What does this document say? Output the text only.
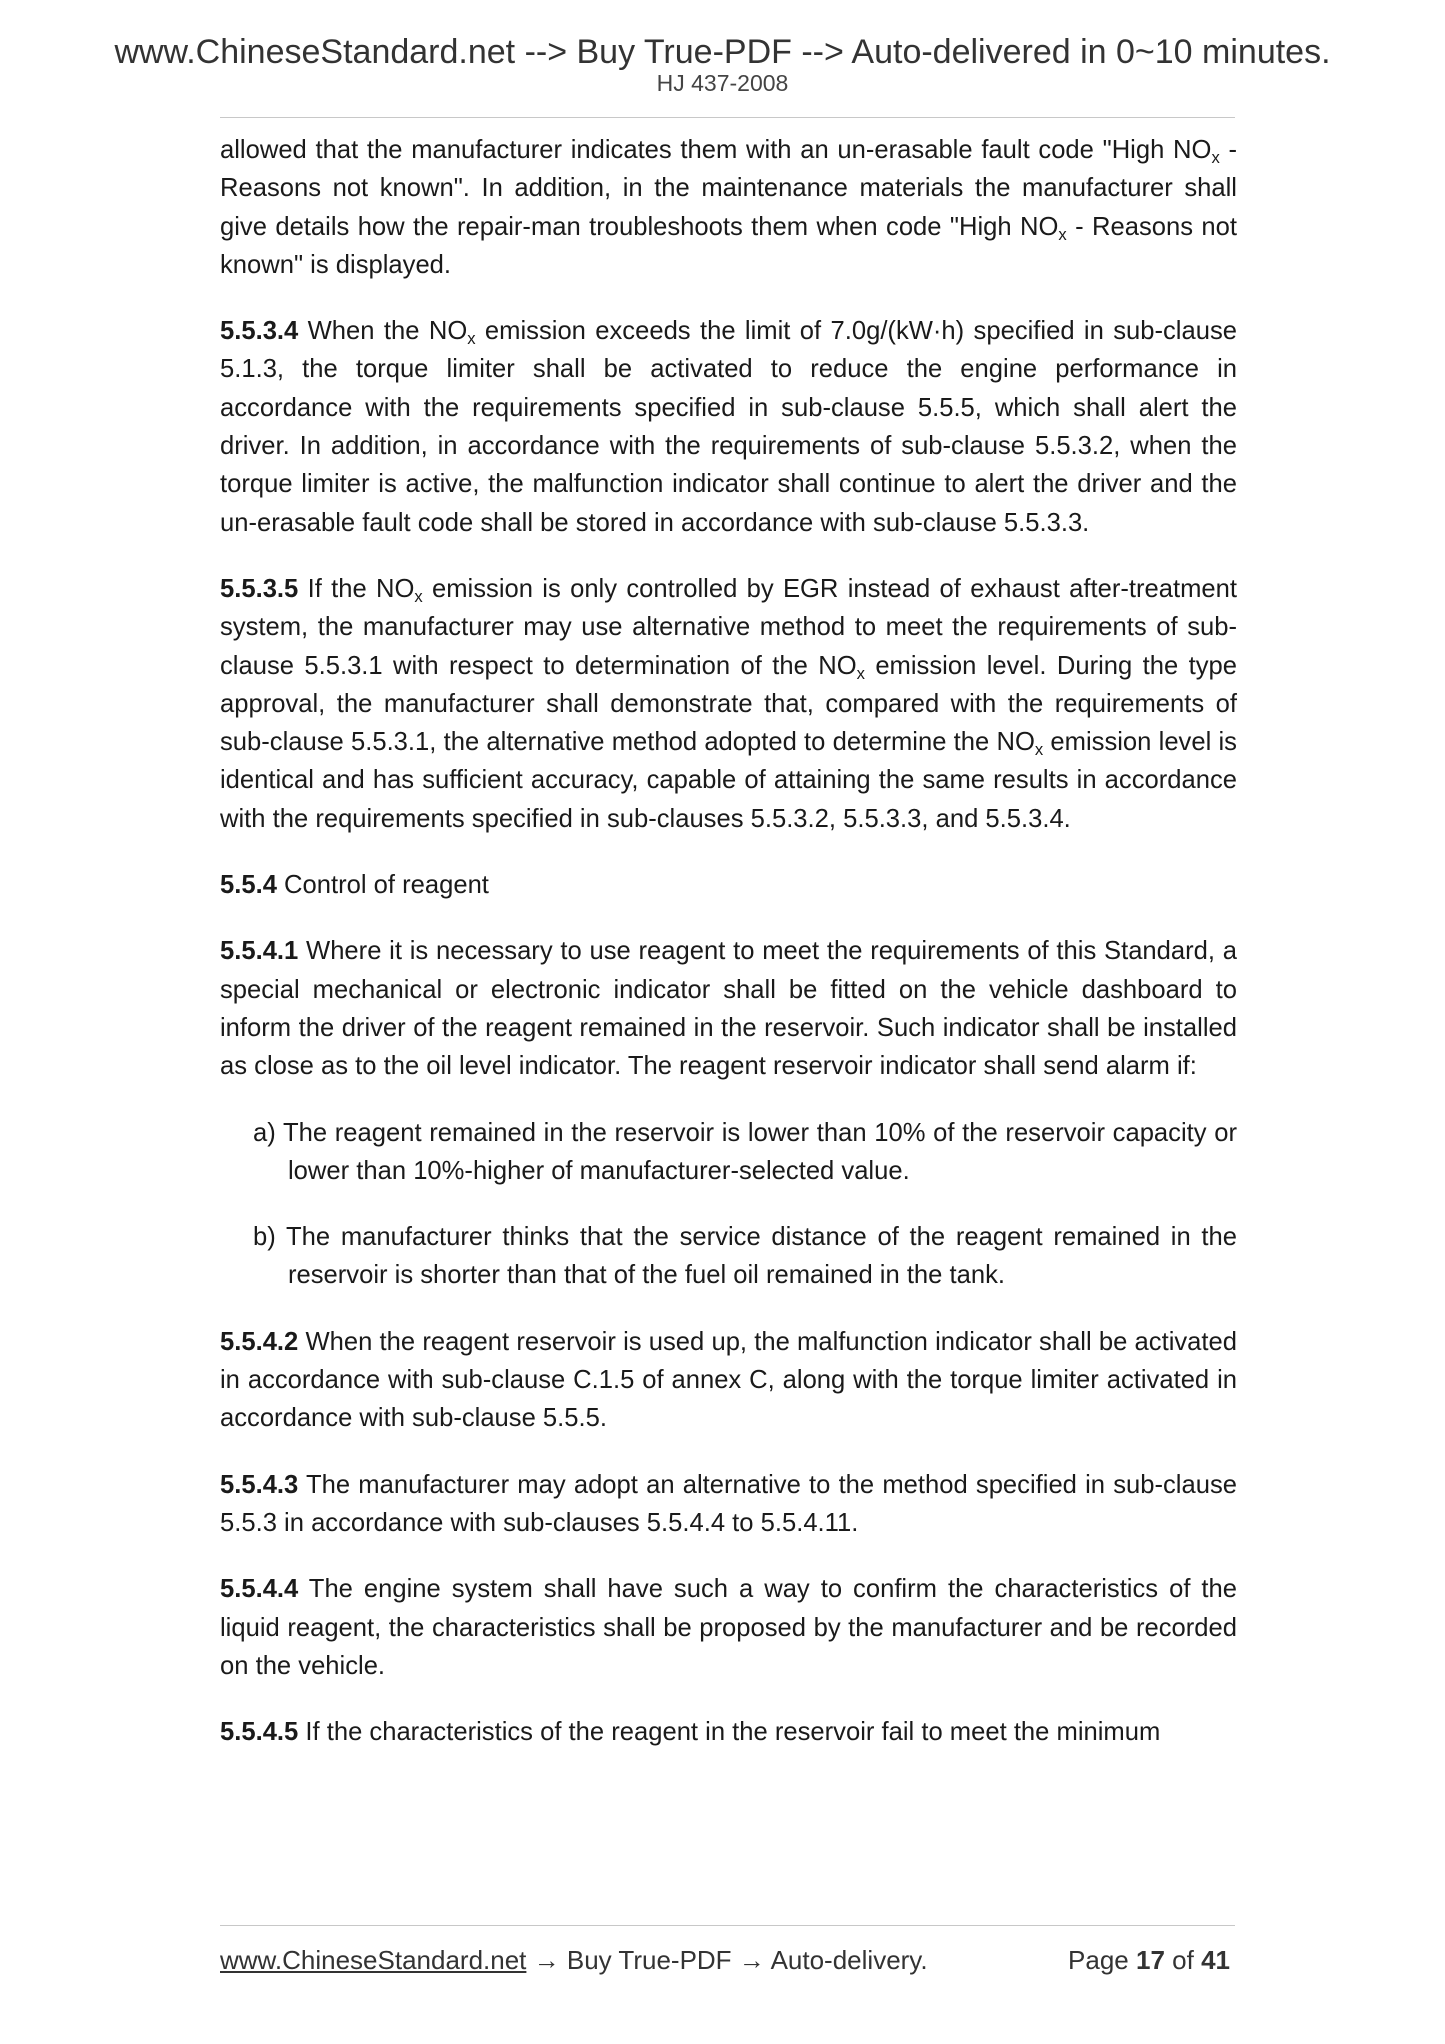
www.ChineseStandard.net --> Buy True-PDF --> Auto-delivered in 0~10 minutes.
HJ 437-2008

allowed that the manufacturer indicates them with an un-erasable fault code "High $NO_x$ - Reasons not known". In addition, in the maintenance materials the manufacturer shall give details how the repair-man troubleshoots them when code "High $NO_x$ - Reasons not known" is displayed.

5.5.3.4 When the $NO_x$ emission exceeds the limit of 7.0g/(kW·h) specified in sub-clause 5.1.3, the torque limiter shall be activated to reduce the engine performance in accordance with the requirements specified in sub-clause 5.5.5, which shall alert the driver. In addition, in accordance with the requirements of sub-clause 5.5.3.2, when the torque limiter is active, the malfunction indicator shall continue to alert the driver and the un-erasable fault code shall be stored in accordance with sub-clause 5.5.3.3.

5.5.3.5 If the $NO_x$ emission is only controlled by EGR instead of exhaust after-treatment system, the manufacturer may use alternative method to meet the requirements of sub-clause 5.5.3.1 with respect to determination of the $NO_x$ emission level. During the type approval, the manufacturer shall demonstrate that, compared with the requirements of sub-clause 5.5.3.1, the alternative method adopted to determine the $NO_x$ emission level is identical and has sufficient accuracy, capable of attaining the same results in accordance with the requirements specified in sub-clauses 5.5.3.2, 5.5.3.3, and 5.5.3.4.

5.5.4 Control of reagent

5.5.4.1 Where it is necessary to use reagent to meet the requirements of this Standard, a special mechanical or electronic indicator shall be fitted on the vehicle dashboard to inform the driver of the reagent remained in the reservoir. Such indicator shall be installed as close as to the oil level indicator. The reagent reservoir indicator shall send alarm if:

a) The reagent remained in the reservoir is lower than 10% of the reservoir capacity or lower than 10%-higher of manufacturer-selected value.

b) The manufacturer thinks that the service distance of the reagent remained in the reservoir is shorter than that of the fuel oil remained in the tank.

5.5.4.2 When the reagent reservoir is used up, the malfunction indicator shall be activated in accordance with sub-clause C.1.5 of annex C, along with the torque limiter activated in accordance with sub-clause 5.5.5.

5.5.4.3 The manufacturer may adopt an alternative to the method specified in sub-clause 5.5.3 in accordance with sub-clauses 5.5.4.4 to 5.5.4.11.

5.5.4.4 The engine system shall have such a way to confirm the characteristics of the liquid reagent, the characteristics shall be proposed by the manufacturer and be recorded on the vehicle.

5.5.4.5 If the characteristics of the reagent in the reservoir fail to meet the minimum

www.ChineseStandard.net → Buy True-PDF → Auto-delivery.	Page 17 of 41
